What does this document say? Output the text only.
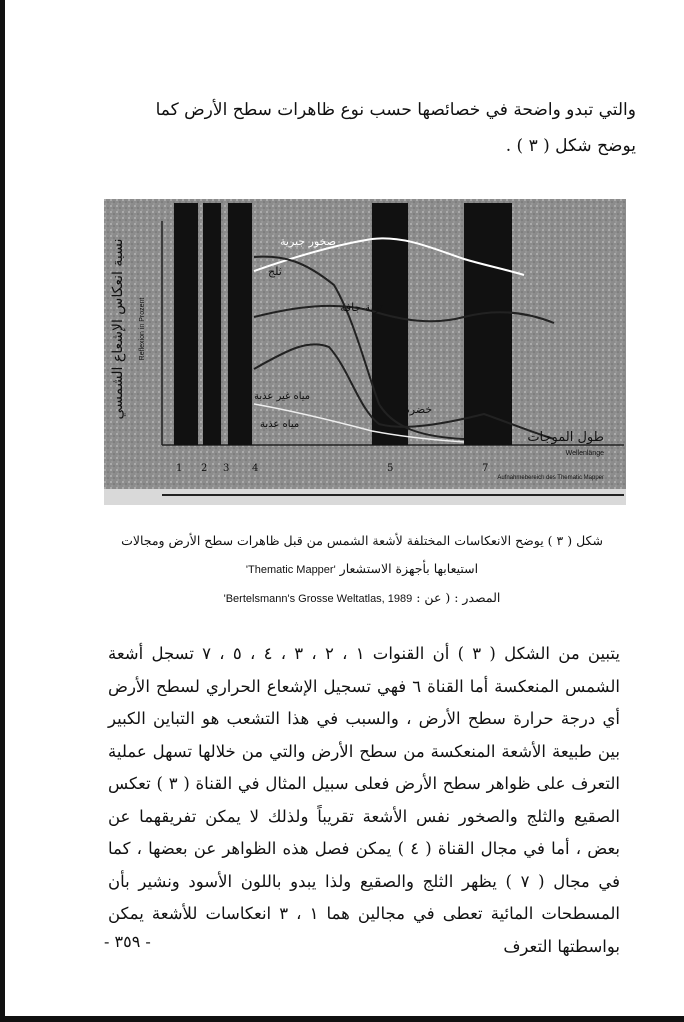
والتي تبدو واضحة في خصائصها حسب نوع ظاهرات سطح الأرض كما

يوضح شكل ( ٣ ) .

صخور جيرية
ثلج
تربة جافة
خضرة
مياه غير عذبة
مياه عذبة
نسبة انعكاس الإشعاع الشمسي Reflexion in Prozent
طول الموجات
Wellenlänge
Aufnahmebereich des Thematic Mapper
1 2 3 4	5	7

شكل ( ٣ ) يوضح الانعكاسات المختلفة لأشعة الشمس من قبل ظاهرات سطح الأرض ومجالات

استيعابها بأجهزة الاستشعار 'Thematic Mapper'

المصدر : ( عن : 'Bertelsmann's Grosse Weltatlas, 1989

يتبين من الشكل ( ٣ ) أن القنوات ١ ، ٢ ، ٣ ، ٤ ، ٥ ، ٧ تسجل أشعة الشمس المنعكسة أما القناة ٦ فهي تسجيل الإشعاع الحراري لسطح الأرض أي درجة حرارة سطح الأرض ، والسبب في هذا التشعب هو التباين الكبير بين طبيعة الأشعة المنعكسة من سطح الأرض والتي من خلالها تسهل عملية التعرف على ظواهر سطح الأرض فعلى سبيل المثال في القناة ( ٣ ) تعكس الصقيع والثلج والصخور نفس الأشعة تقريباً ولذلك لا يمكن تفريقهما عن بعض ، أما في مجال القناة ( ٤ ) يمكن فصل هذه الظواهر عن بعضها ، كما في مجال ( ٧ ) يظهر الثلج والصقيع ولذا يبدو باللون الأسود ونشير بأن المسطحات المائية تعطى في مجالين هما ١ ، ٣ انعكاسات للأشعة يمكن بواسطتها التعرف
- ٣٥٩ -
